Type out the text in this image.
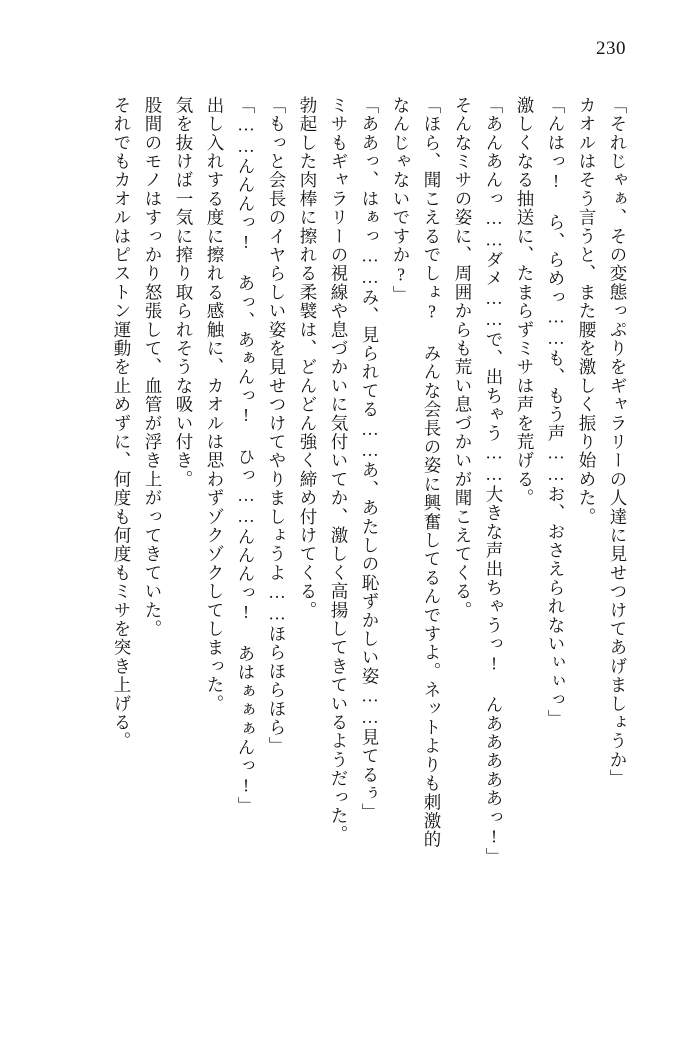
230
「それじゃぁ、その変態っぷりをギャラリーの人達に見せつけてあげましょうか」
カオルはそう言うと、また腰を激しく振り始めた。
「んはっ! ら、らめっ……も、もう声……お、おさえられないぃぃっ」
激しくなる抽送に、たまらずミサは声を荒げる。
「あんあんっ……ダメ……で、出ちゃう……大きな声出ちゃうっ! んあああああっ!」
そんなミサの姿に、周囲からも荒い息づかいが聞こえてくる。
「ほら、聞こえるでしょ? みんな会長の姿に興奮してるんですよ。ネットよりも刺激的
なんじゃないですか?」
「ああっ、はぁっ……み、見られてる……あ、あたしの恥ずかしい姿……見てるぅ」
ミサもギャラリーの視線や息づかいに気付いてか、激しく高揚してきているようだった。
勃起した肉棒に擦れる柔襞は、どんどん強く締め付けてくる。
「もっと会長のイヤらしい姿を見せつけてやりましょうよ……ほらほらほら」
「……んんんっ! あっ、あぁんっ! ひっ……んんんっ! あはぁぁぁんっ!」
出し入れする度に擦れる感触に、カオルは思わずゾクゾクしてしまった。
気を抜けば一気に搾り取られそうな吸い付き。
股間のモノはすっかり怒張して、血管が浮き上がってきていた。
それでもカオルはピストン運動を止めずに、何度も何度もミサを突き上げる。
